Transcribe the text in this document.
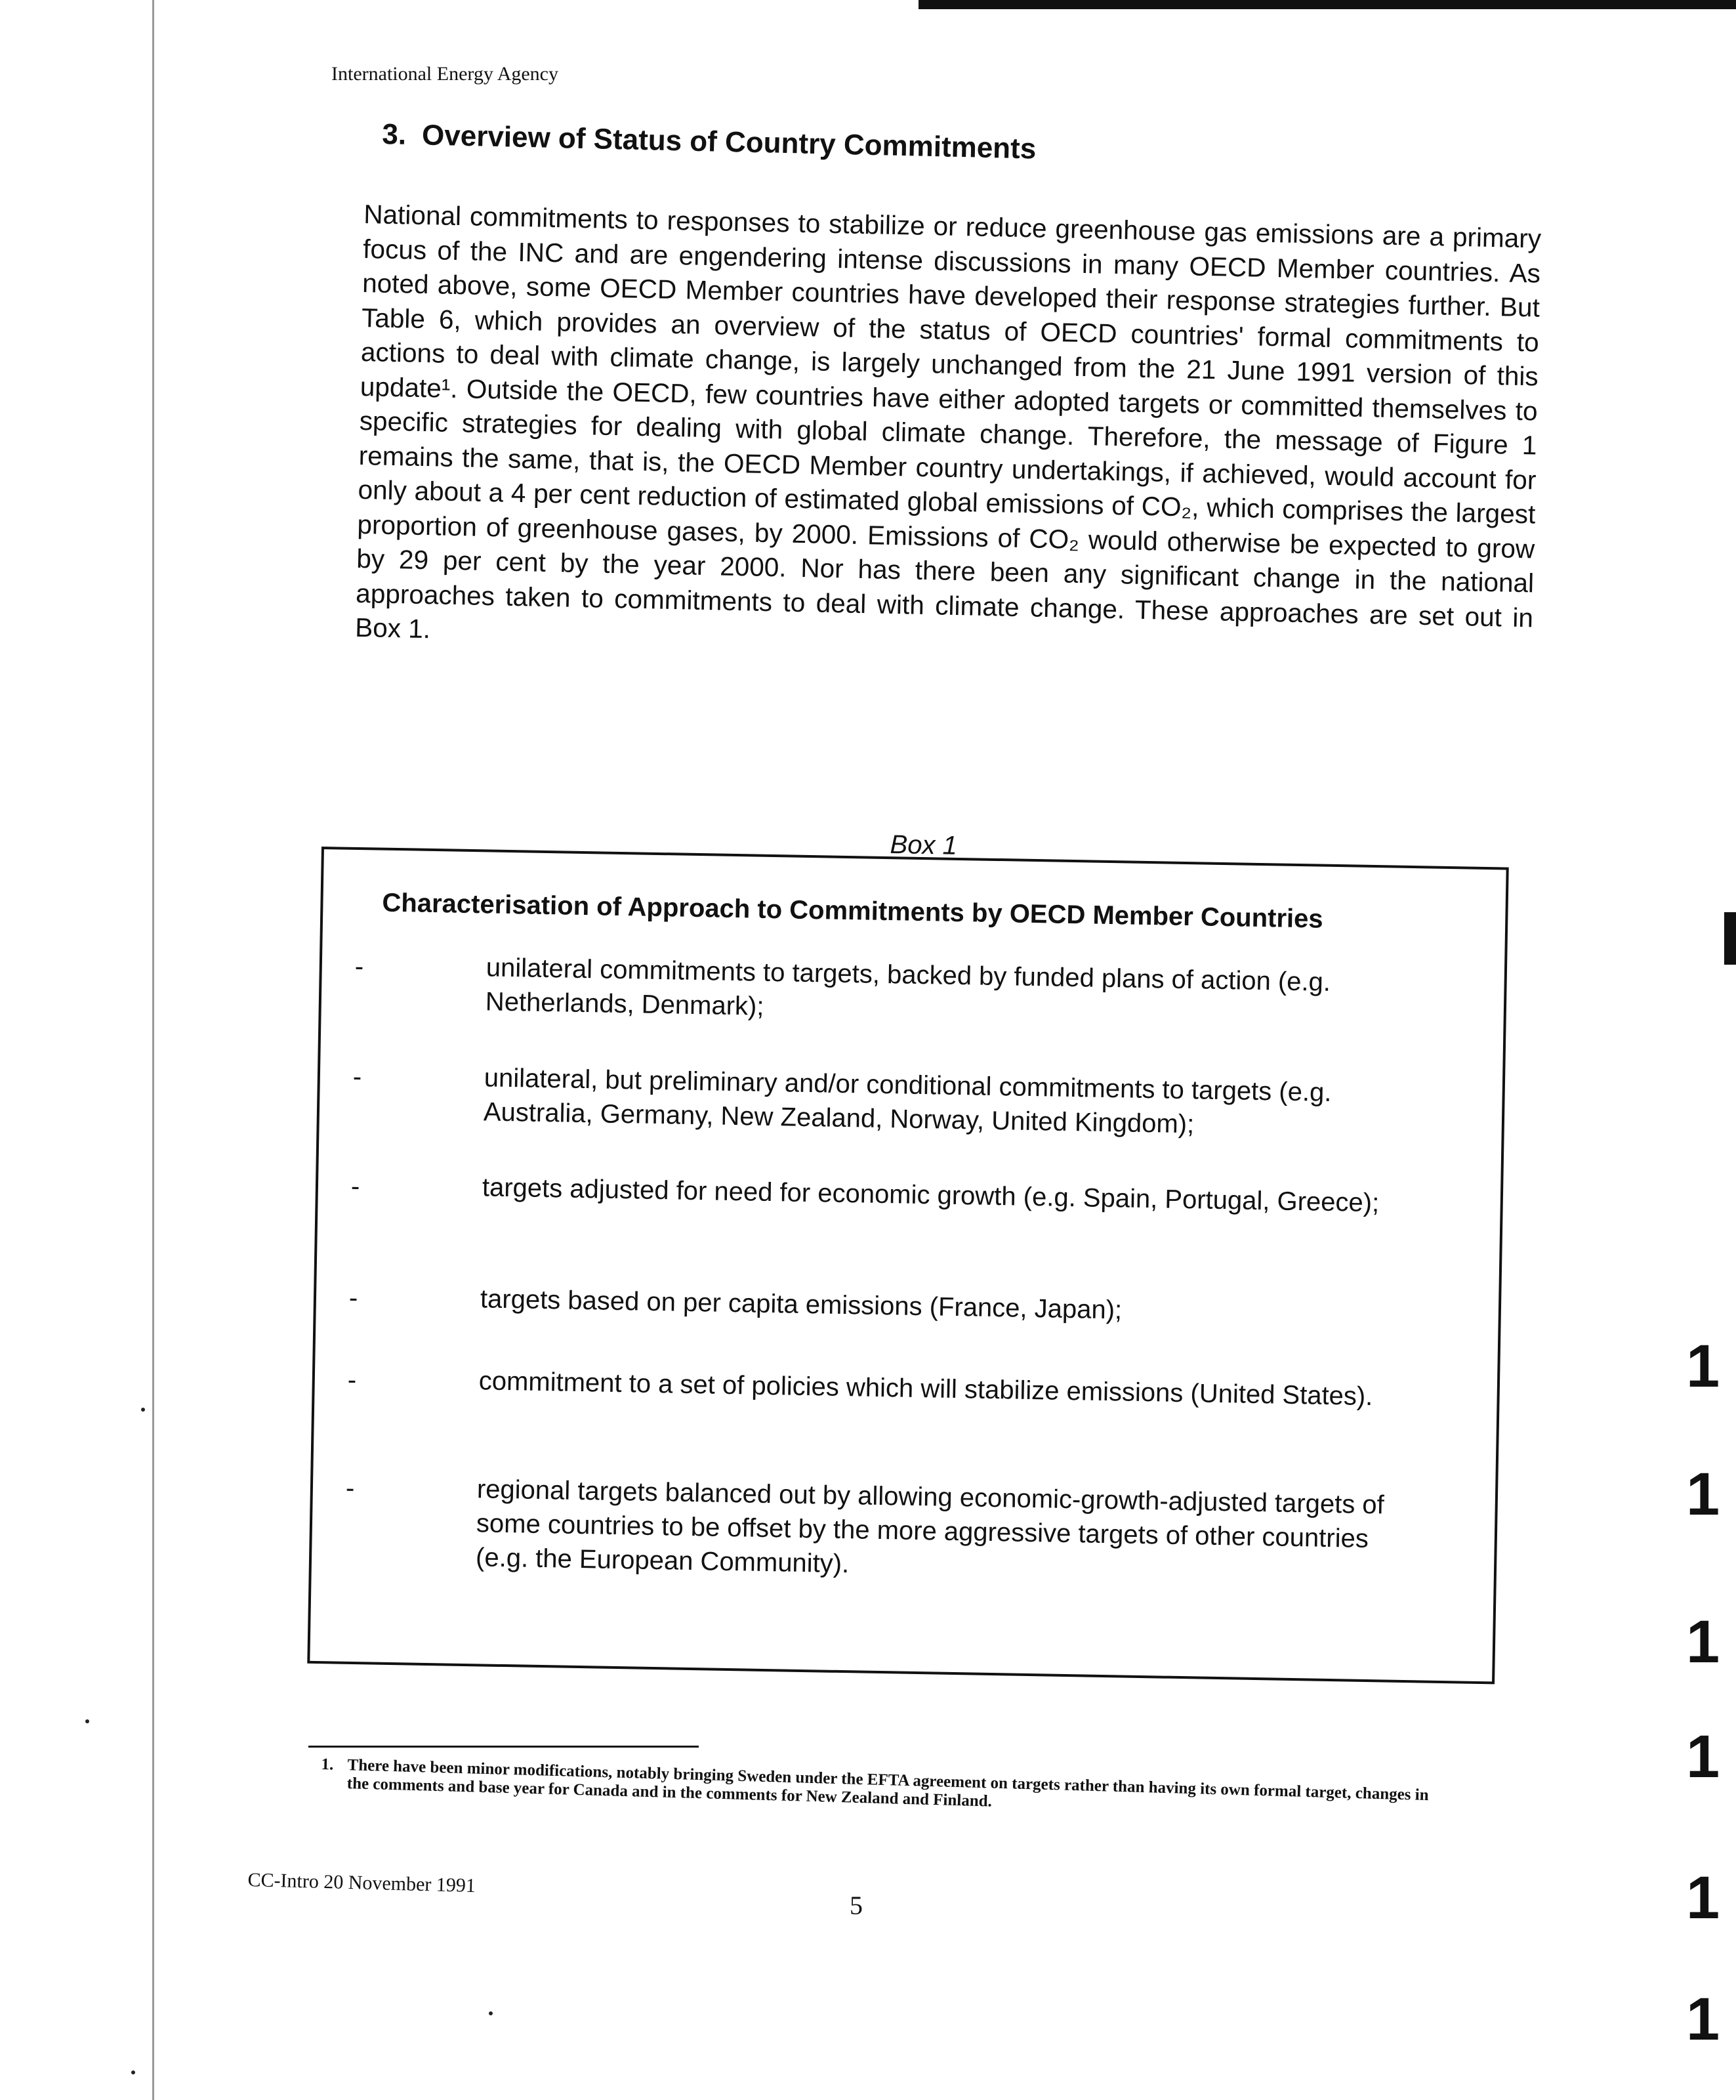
International Energy Agency
3. Overview of Status of Country Commitments
National commitments to responses to stabilize or reduce greenhouse gas emissions are a primary focus of the INC and are engendering intense discussions in many OECD Member countries. As noted above, some OECD Member countries have developed their response strategies further. But Table 6, which provides an overview of the status of OECD countries' formal commitments to actions to deal with climate change, is largely unchanged from the 21 June 1991 version of this update¹. Outside the OECD, few countries have either adopted targets or committed themselves to specific strategies for dealing with global climate change. Therefore, the message of Figure 1 remains the same, that is, the OECD Member country undertakings, if achieved, would account for only about a 4 per cent reduction of estimated global emissions of CO₂, which comprises the largest proportion of greenhouse gases, by 2000. Emissions of CO₂ would otherwise be expected to grow by 29 per cent by the year 2000. Nor has there been any significant change in the national approaches taken to commitments to deal with climate change. These approaches are set out in Box 1.
Box 1
Characterisation of Approach to Commitments by OECD Member Countries
-	unilateral commitments to targets, backed by funded plans of action (e.g. Netherlands, Denmark);
-	unilateral, but preliminary and/or conditional commitments to targets (e.g. Australia, Germany, New Zealand, Norway, United Kingdom);
-	targets adjusted for need for economic growth (e.g. Spain, Portugal, Greece);
-	targets based on per capita emissions (France, Japan);
-	commitment to a set of policies which will stabilize emissions (United States).
-	regional targets balanced out by allowing economic-growth-adjusted targets of some countries to be offset by the more aggressive targets of other countries (e.g. the European Community).
1. There have been minor modifications, notably bringing Sweden under the EFTA agreement on targets rather than having its own formal target, changes in the comments and base year for Canada and in the comments for New Zealand and Finland.
CC-Intro 20 November 1991
5
1
1
1
1
1
1
